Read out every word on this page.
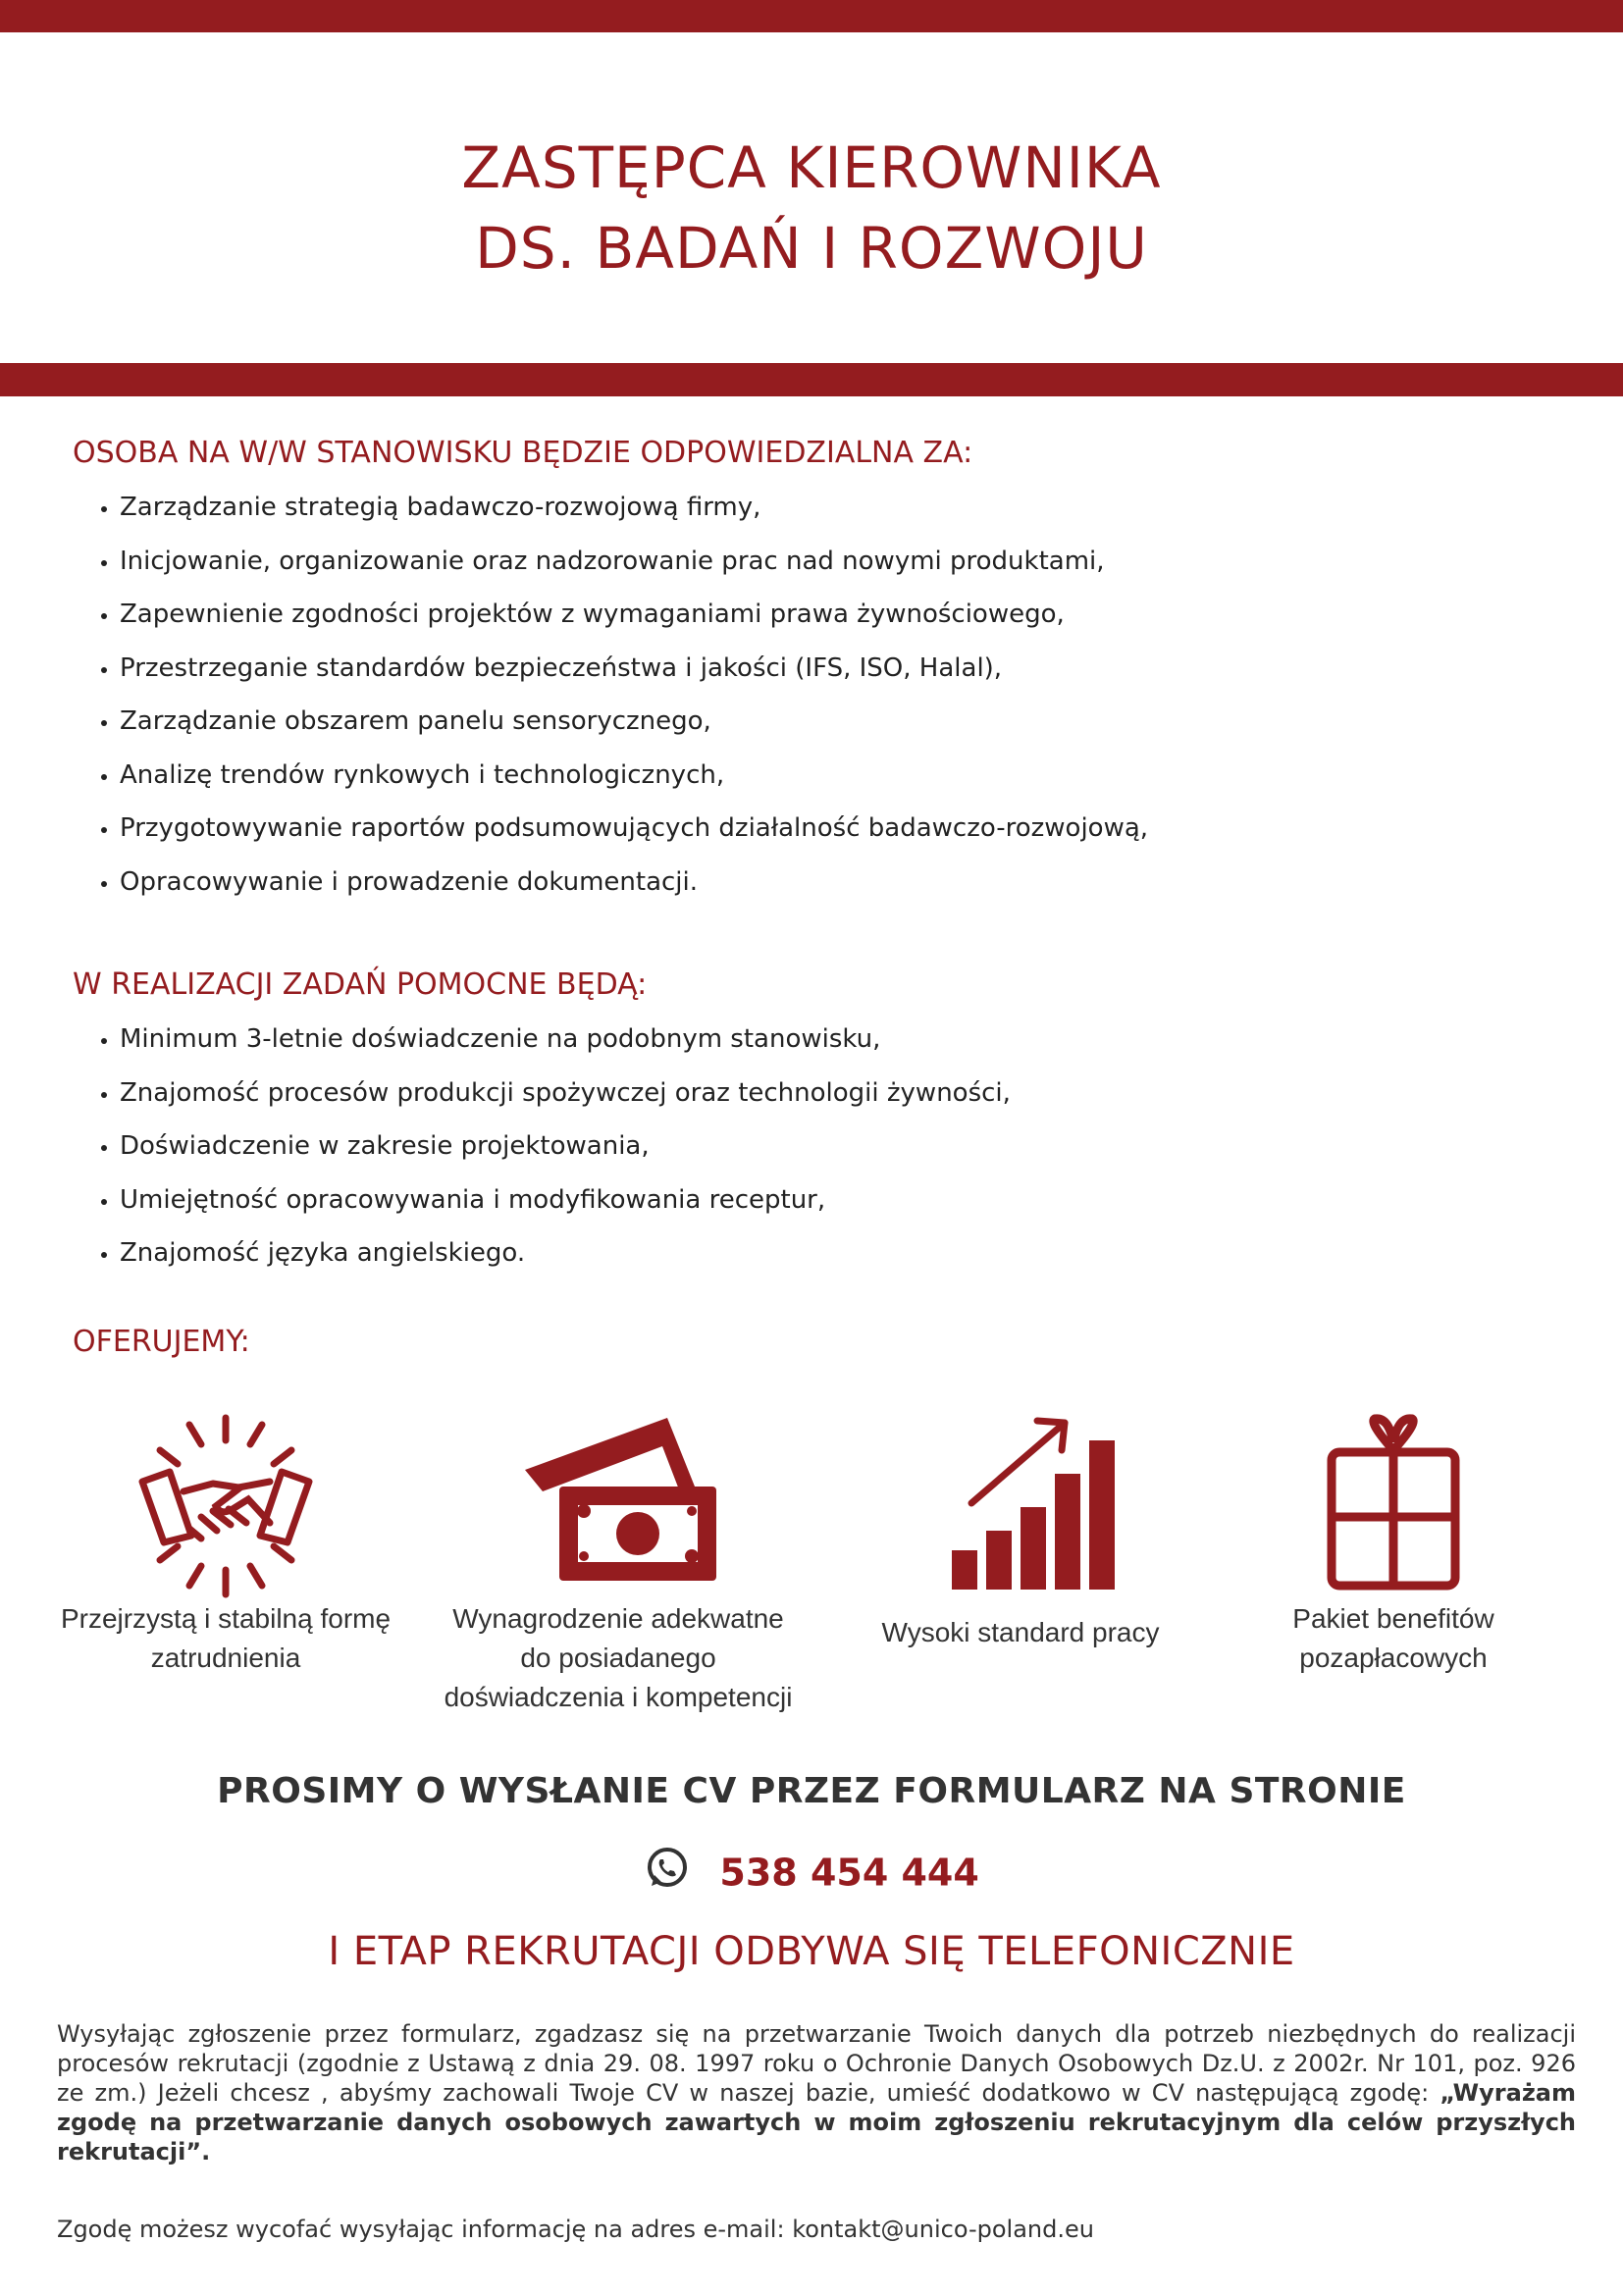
ZASTĘPCA KIEROWNIKA
DS. BADAŃ I ROZWOJU
OSOBA NA W/W STANOWISKU BĘDZIE ODPOWIEDZIALNA ZA:
• Zarządzanie strategią badawczo-rozwojową firmy,
• Inicjowanie, organizowanie oraz nadzorowanie prac nad nowymi produktami,
• Zapewnienie zgodności projektów z wymaganiami prawa żywnościowego,
• Przestrzeganie standardów bezpieczeństwa i jakości (IFS, ISO, Halal),
• Zarządzanie obszarem panelu sensorycznego,
• Analizę trendów rynkowych i technologicznych,
• Przygotowywanie raportów podsumowujących działalność badawczo-rozwojową,
• Opracowywanie i prowadzenie dokumentacji.
W REALIZACJI ZADAŃ POMOCNE BĘDĄ:
• Minimum 3-letnie doświadczenie na podobnym stanowisku,
• Znajomość procesów produkcji spożywczej oraz technologii żywności,
• Doświadczenie w zakresie projektowania,
• Umiejętność opracowywania i modyfikowania receptur,
• Znajomość języka angielskiego.
OFERUJEMY:
Przejrzystą i stabilną formę
zatrudnienia
Wynagrodzenie adekwatne
do posiadanego
doświadczenia i kompetencji
Wysoki standard pracy	Pakiet benefitów
pozapłacowych
PROSIMY O WYSŁANIE CV PRZEZ FORMULARZ NA STRONIE
538 454 444
I ETAP REKRUTACJI ODBYWA SIĘ TELEFONICZNIE
Wysyłając zgłoszenie przez formularz, zgadzasz się na przetwarzanie Twoich danych dla potrzeb niezbędnych do realizacji procesów rekrutacji (zgodnie z Ustawą z dnia 29. 08. 1997 roku o Ochronie Danych Osobowych Dz.U. z 2002r. Nr 101, poz. 926 ze zm.) Jeżeli chcesz , abyśmy zachowali Twoje CV w naszej bazie, umieść dodatkowo w CV następującą zgodę: „Wyrażam zgodę na przetwarzanie danych osobowych zawartych w moim zgłoszeniu rekrutacyjnym dla celów przyszłych rekrutacji”.
Zgodę możesz wycofać wysyłając informację na adres e-mail: kontakt@unico-poland.eu
